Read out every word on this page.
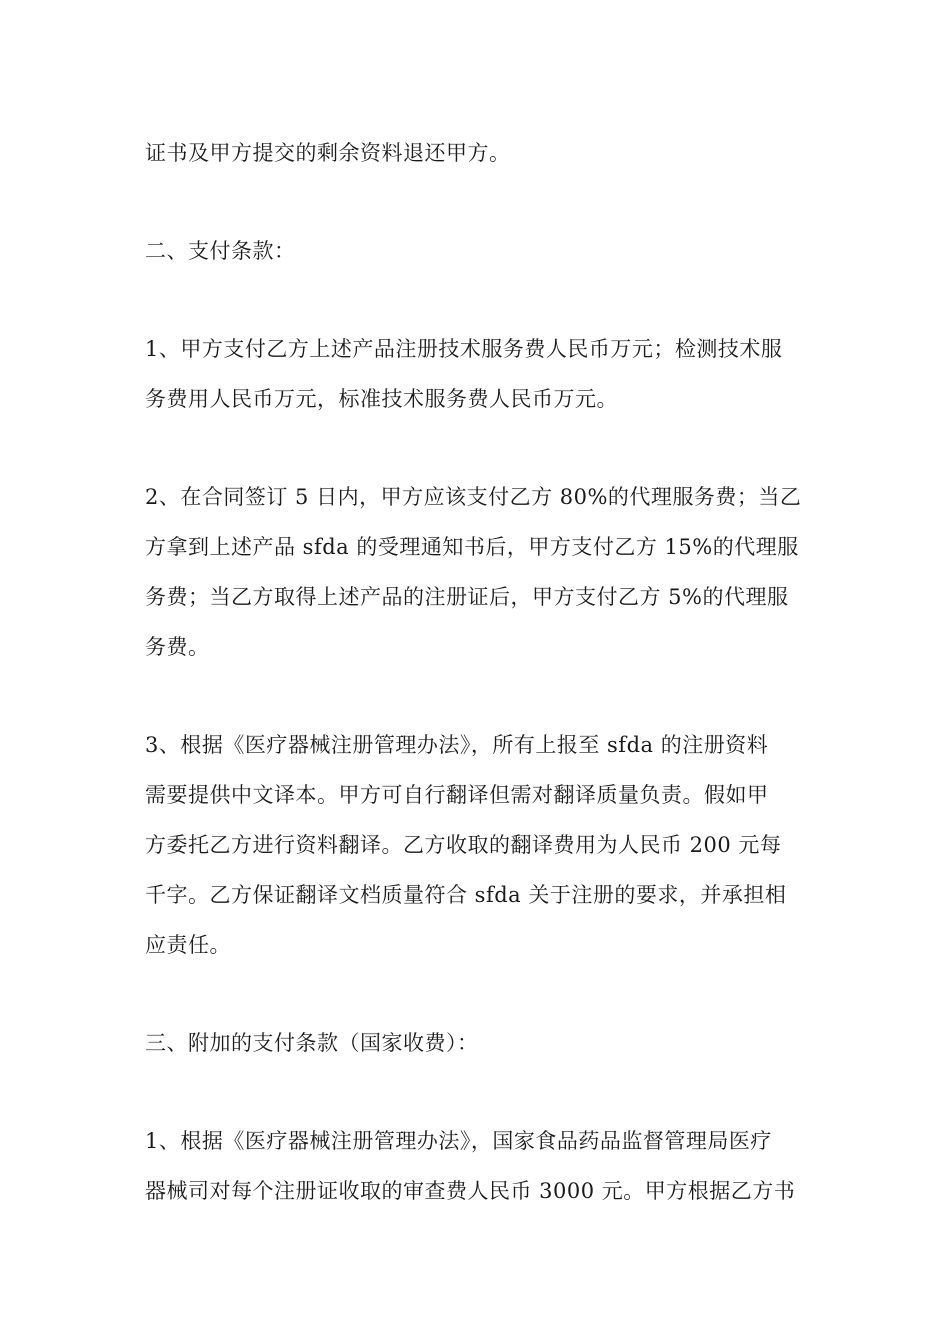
证书及甲方提交的剩余资料退还甲方。
二、支付条款：
1、甲方支付乙方上述产品注册技术服务费人民币万元；检测技术服
务费用人民币万元，标准技术服务费人民币万元。
2、在合同签订 5 日内，甲方应该支付乙方 80%的代理服务费；当乙
方拿到上述产品 sfda 的受理通知书后，甲方支付乙方 15%的代理服
务费；当乙方取得上述产品的注册证后，甲方支付乙方 5%的代理服
务费。
3、根据《医疗器械注册管理办法》，所有上报至 sfda 的注册资料
需要提供中文译本。甲方可自行翻译但需对翻译质量负责。假如甲
方委托乙方进行资料翻译。乙方收取的翻译费用为人民币 200 元每
千字。乙方保证翻译文档质量符合 sfda 关于注册的要求，并承担相
应责任。
三、附加的支付条款（国家收费）：
1、根据《医疗器械注册管理办法》，国家食品药品监督管理局医疗
器械司对每个注册证收取的审查费人民币 3000 元。甲方根据乙方书
